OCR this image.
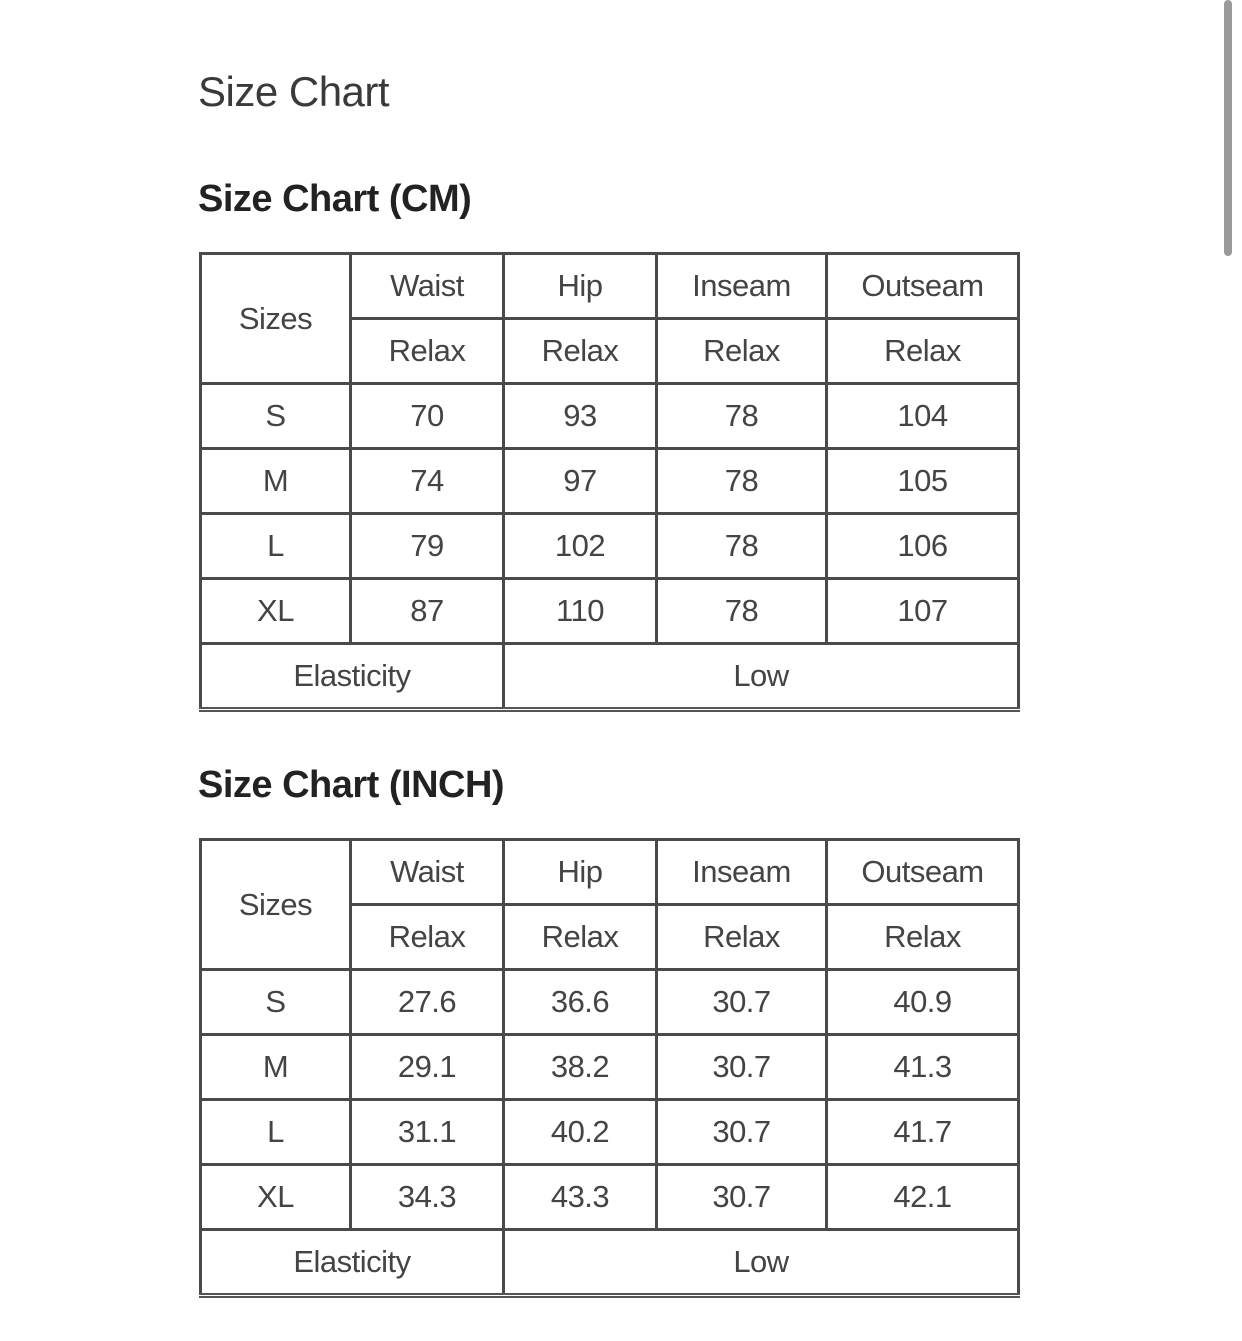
Size Chart
Size Chart (CM)
Sizes	Waist	Hip	Inseam	Outseam
	Relax	Relax	Relax	Relax
S	70	93	78	104
M	74	97	78	105
L	79	102	78	106
XL	87	110	78	107
Elasticity		Low		
Size Chart (INCH)
Sizes	Waist	Hip	Inseam	Outseam
	Relax	Relax	Relax	Relax
S	27.6	36.6	30.7	40.9
M	29.1	38.2	30.7	41.3
L	31.1	40.2	30.7	41.7
XL	34.3	43.3	30.7	42.1
Elasticity		Low		
